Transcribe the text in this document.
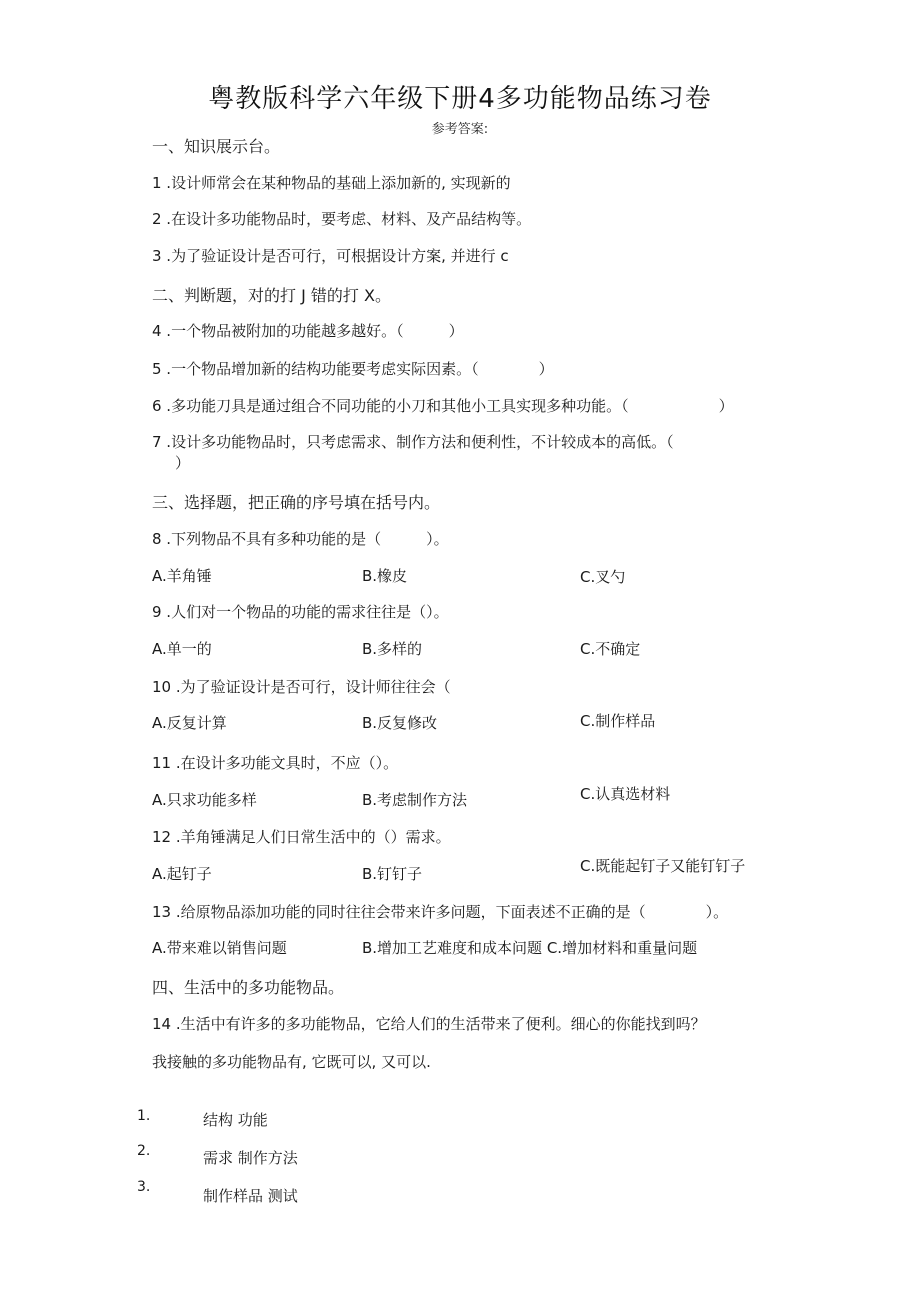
粤教版科学六年级下册4多功能物品练习卷
参考答案:
一、知识展示台。
1 .设计师常会在某种物品的基础上添加新的, 实现新的
2 .在设计多功能物品时，要考虑、材料、及产品结构等。
3 .为了验证设计是否可行，可根据设计方案, 并进行 c
二、判断题，对的打 J 错的打 X。
4 .一个物品被附加的功能越多越好。（　　　）
5 .一个物品增加新的结构功能要考虑实际因素。（　　　　）
6 .多功能刀具是通过组合不同功能的小刀和其他小工具实现多种功能。（　　　　　　）
7 .设计多功能物品时，只考虑需求、制作方法和便利性，不计较成本的高低。（
）
三、选择题，把正确的序号填在括号内。
8 .下列物品不具有多种功能的是（　　　）。
A.羊角锤	B.橡皮	C.叉勺
9 .人们对一个物品的功能的需求往往是（）。
A.单一的	B.多样的	C.不确定
10 .为了验证设计是否可行，设计师往往会（
A.反复计算	B.反复修改	C.制作样品
11 .在设计多功能文具时，不应（）。
A.只求功能多样	B.考虑制作方法	C.认真选材料
12 .羊角锤满足人们日常生活中的（）需求。
A.起钉子	B.钉钉子	C.既能起钉子又能钉钉子
13 .给原物品添加功能的同时往往会带来许多问题，下面表述不正确的是（　　　　）。
A.带来难以销售问题	B.增加工艺难度和成本问题 C.增加材料和重量问题
四、生活中的多功能物品。
14 .生活中有许多的多功能物品，它给人们的生活带来了便利。细心的你能找到吗？
我接触的多功能物品有, 它既可以, 又可以.
1.	结构 功能
2.	需求 制作方法
3.	制作样品 测试
